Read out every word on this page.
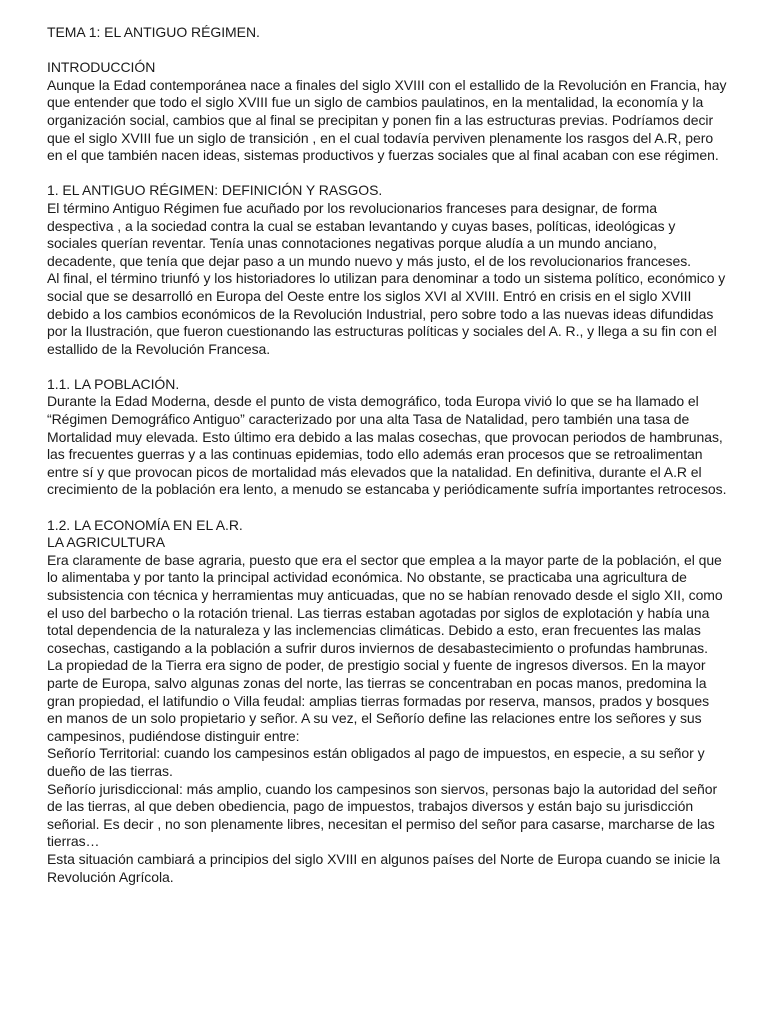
TEMA 1: EL ANTIGUO RÉGIMEN.

INTRODUCCIÓN

Aunque la Edad contemporánea nace a finales del siglo XVIII con el estallido de la Revolución en Francia, hay que entender que todo el siglo XVIII fue un siglo de cambios paulatinos, en la mentalidad, la economía y la organización social, cambios que al final se precipitan y ponen fin a las estructuras previas. Podríamos decir que el siglo XVIII fue un siglo de transición , en el cual todavía perviven plenamente los rasgos del A.R, pero en el que también nacen ideas, sistemas productivos y fuerzas sociales que al final acaban con ese régimen.

1. EL ANTIGUO RÉGIMEN: DEFINICIÓN Y RASGOS.

El término Antiguo Régimen fue acuñado por los revolucionarios franceses para designar, de forma despectiva , a la sociedad contra la cual se estaban levantando y cuyas bases, políticas, ideológicas y sociales querían reventar. Tenía unas connotaciones negativas porque aludía a un mundo anciano, decadente, que tenía que dejar paso a un mundo nuevo y más justo, el de los revolucionarios franceses.

Al final, el término triunfó y los historiadores lo utilizan para denominar a todo un sistema político, económico y social que se desarrolló en Europa del Oeste entre los siglos XVI al XVIII. Entró en crisis en el siglo XVIII debido a los cambios económicos de la Revolución Industrial, pero sobre todo a las nuevas ideas difundidas por la Ilustración, que fueron cuestionando las estructuras políticas y sociales del A. R., y llega a su fin con el estallido de la Revolución Francesa.

1.1. LA POBLACIÓN.

Durante la Edad Moderna, desde el punto de vista demográfico, toda Europa vivió lo que se ha llamado el “Régimen Demográfico Antiguo” caracterizado por una alta Tasa de Natalidad, pero también una tasa de Mortalidad muy elevada. Esto último era debido a las malas cosechas, que provocan periodos de hambrunas, las frecuentes guerras y a las continuas epidemias, todo ello además eran procesos que se retroalimentan entre sí y que provocan picos de mortalidad más elevados que la natalidad. En definitiva, durante el A.R el crecimiento de la población era lento, a menudo se estancaba y periódicamente sufría importantes retrocesos.

1.2. LA ECONOMÍA EN EL A.R.

LA AGRICULTURA

Era claramente de base agraria, puesto que era el sector que emplea a la mayor parte de la población, el que lo alimentaba y por tanto la principal actividad económica. No obstante, se practicaba una agricultura de subsistencia con técnica y herramientas muy anticuadas, que no se habían renovado desde el siglo XII, como el uso del barbecho o la rotación trienal. Las tierras estaban agotadas por siglos de explotación y había una total dependencia de la naturaleza y las inclemencias climáticas. Debido a esto, eran frecuentes las malas cosechas, castigando a la población a sufrir duros inviernos de desabastecimiento o profundas hambrunas.

La propiedad de la Tierra era signo de poder, de prestigio social y fuente de ingresos diversos. En la mayor parte de Europa, salvo algunas zonas del norte, las tierras se concentraban en pocas manos, predomina la gran propiedad, el latifundio o Villa feudal: amplias tierras formadas por reserva, mansos, prados y bosques en manos de un solo propietario y señor. A su vez, el Señorío define las relaciones entre los señores y sus campesinos, pudiéndose distinguir entre:

Señorío Territorial: cuando los campesinos están obligados al pago de impuestos, en especie, a su señor y dueño de las tierras.

Señorío jurisdiccional: más amplio, cuando los campesinos son siervos, personas bajo la autoridad del señor de las tierras, al que deben obediencia, pago de impuestos, trabajos diversos y están bajo su jurisdicción señorial. Es decir , no son plenamente libres, necesitan el permiso del señor para casarse, marcharse de las tierras…

Esta situación cambiará a principios del siglo XVIII en algunos países del Norte de Europa cuando se inicie la Revolución Agrícola.
